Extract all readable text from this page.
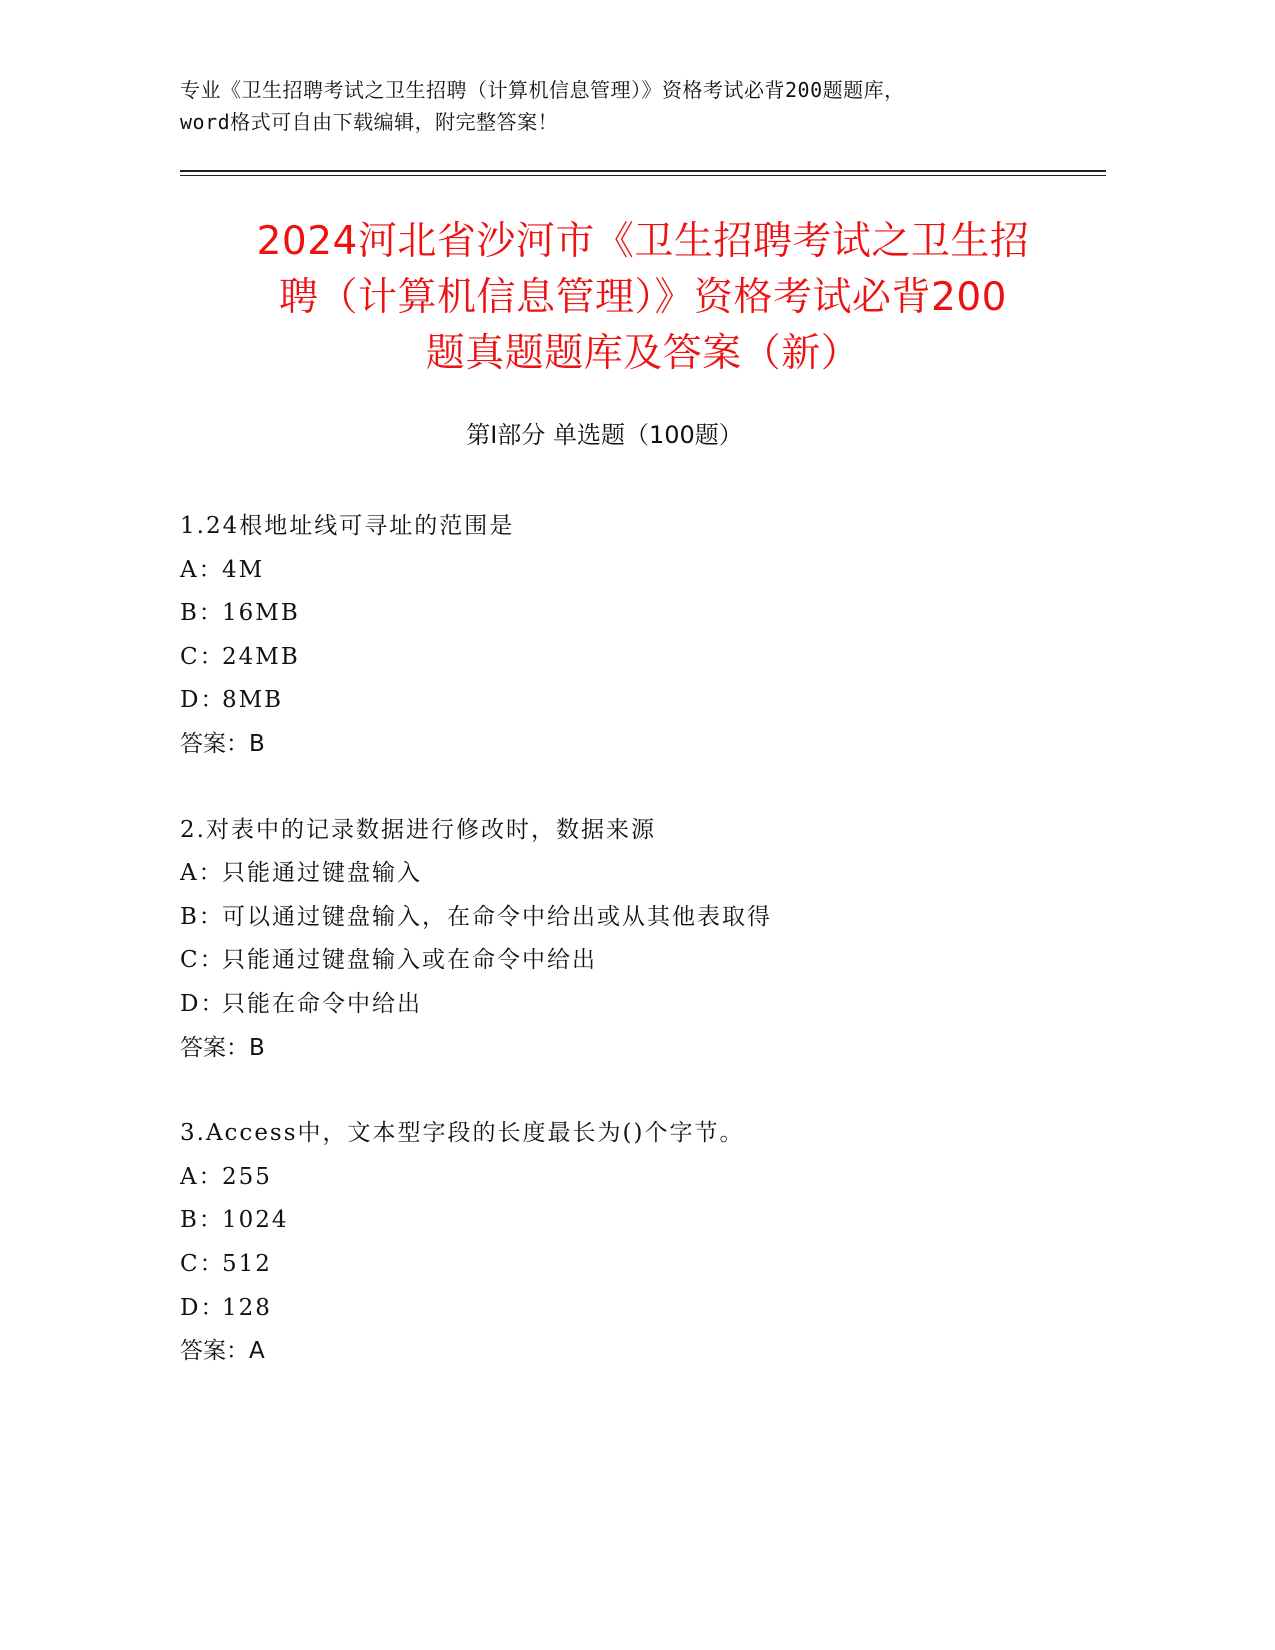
专业《卫生招聘考试之卫生招聘（计算机信息管理）》资格考试必背200题题库，
word格式可自由下载编辑，附完整答案！
2024河北省沙河市《卫生招聘考试之卫生招
聘（计算机信息管理）》资格考试必背200
题真题题库及答案（新）
第Ⅰ部分 单选题（100题）
1.24根地址线可寻址的范围是
A：4M
B：16MB
C：24MB
D：8MB
答案：B
2.对表中的记录数据进行修改时，数据来源
A：只能通过键盘输入
B：可以通过键盘输入，在命令中给出或从其他表取得
C：只能通过键盘输入或在命令中给出
D：只能在命令中给出
答案：B
3.Access中，文本型字段的长度最长为()个字节。
A：255
B：1024
C：512
D：128
答案：A
